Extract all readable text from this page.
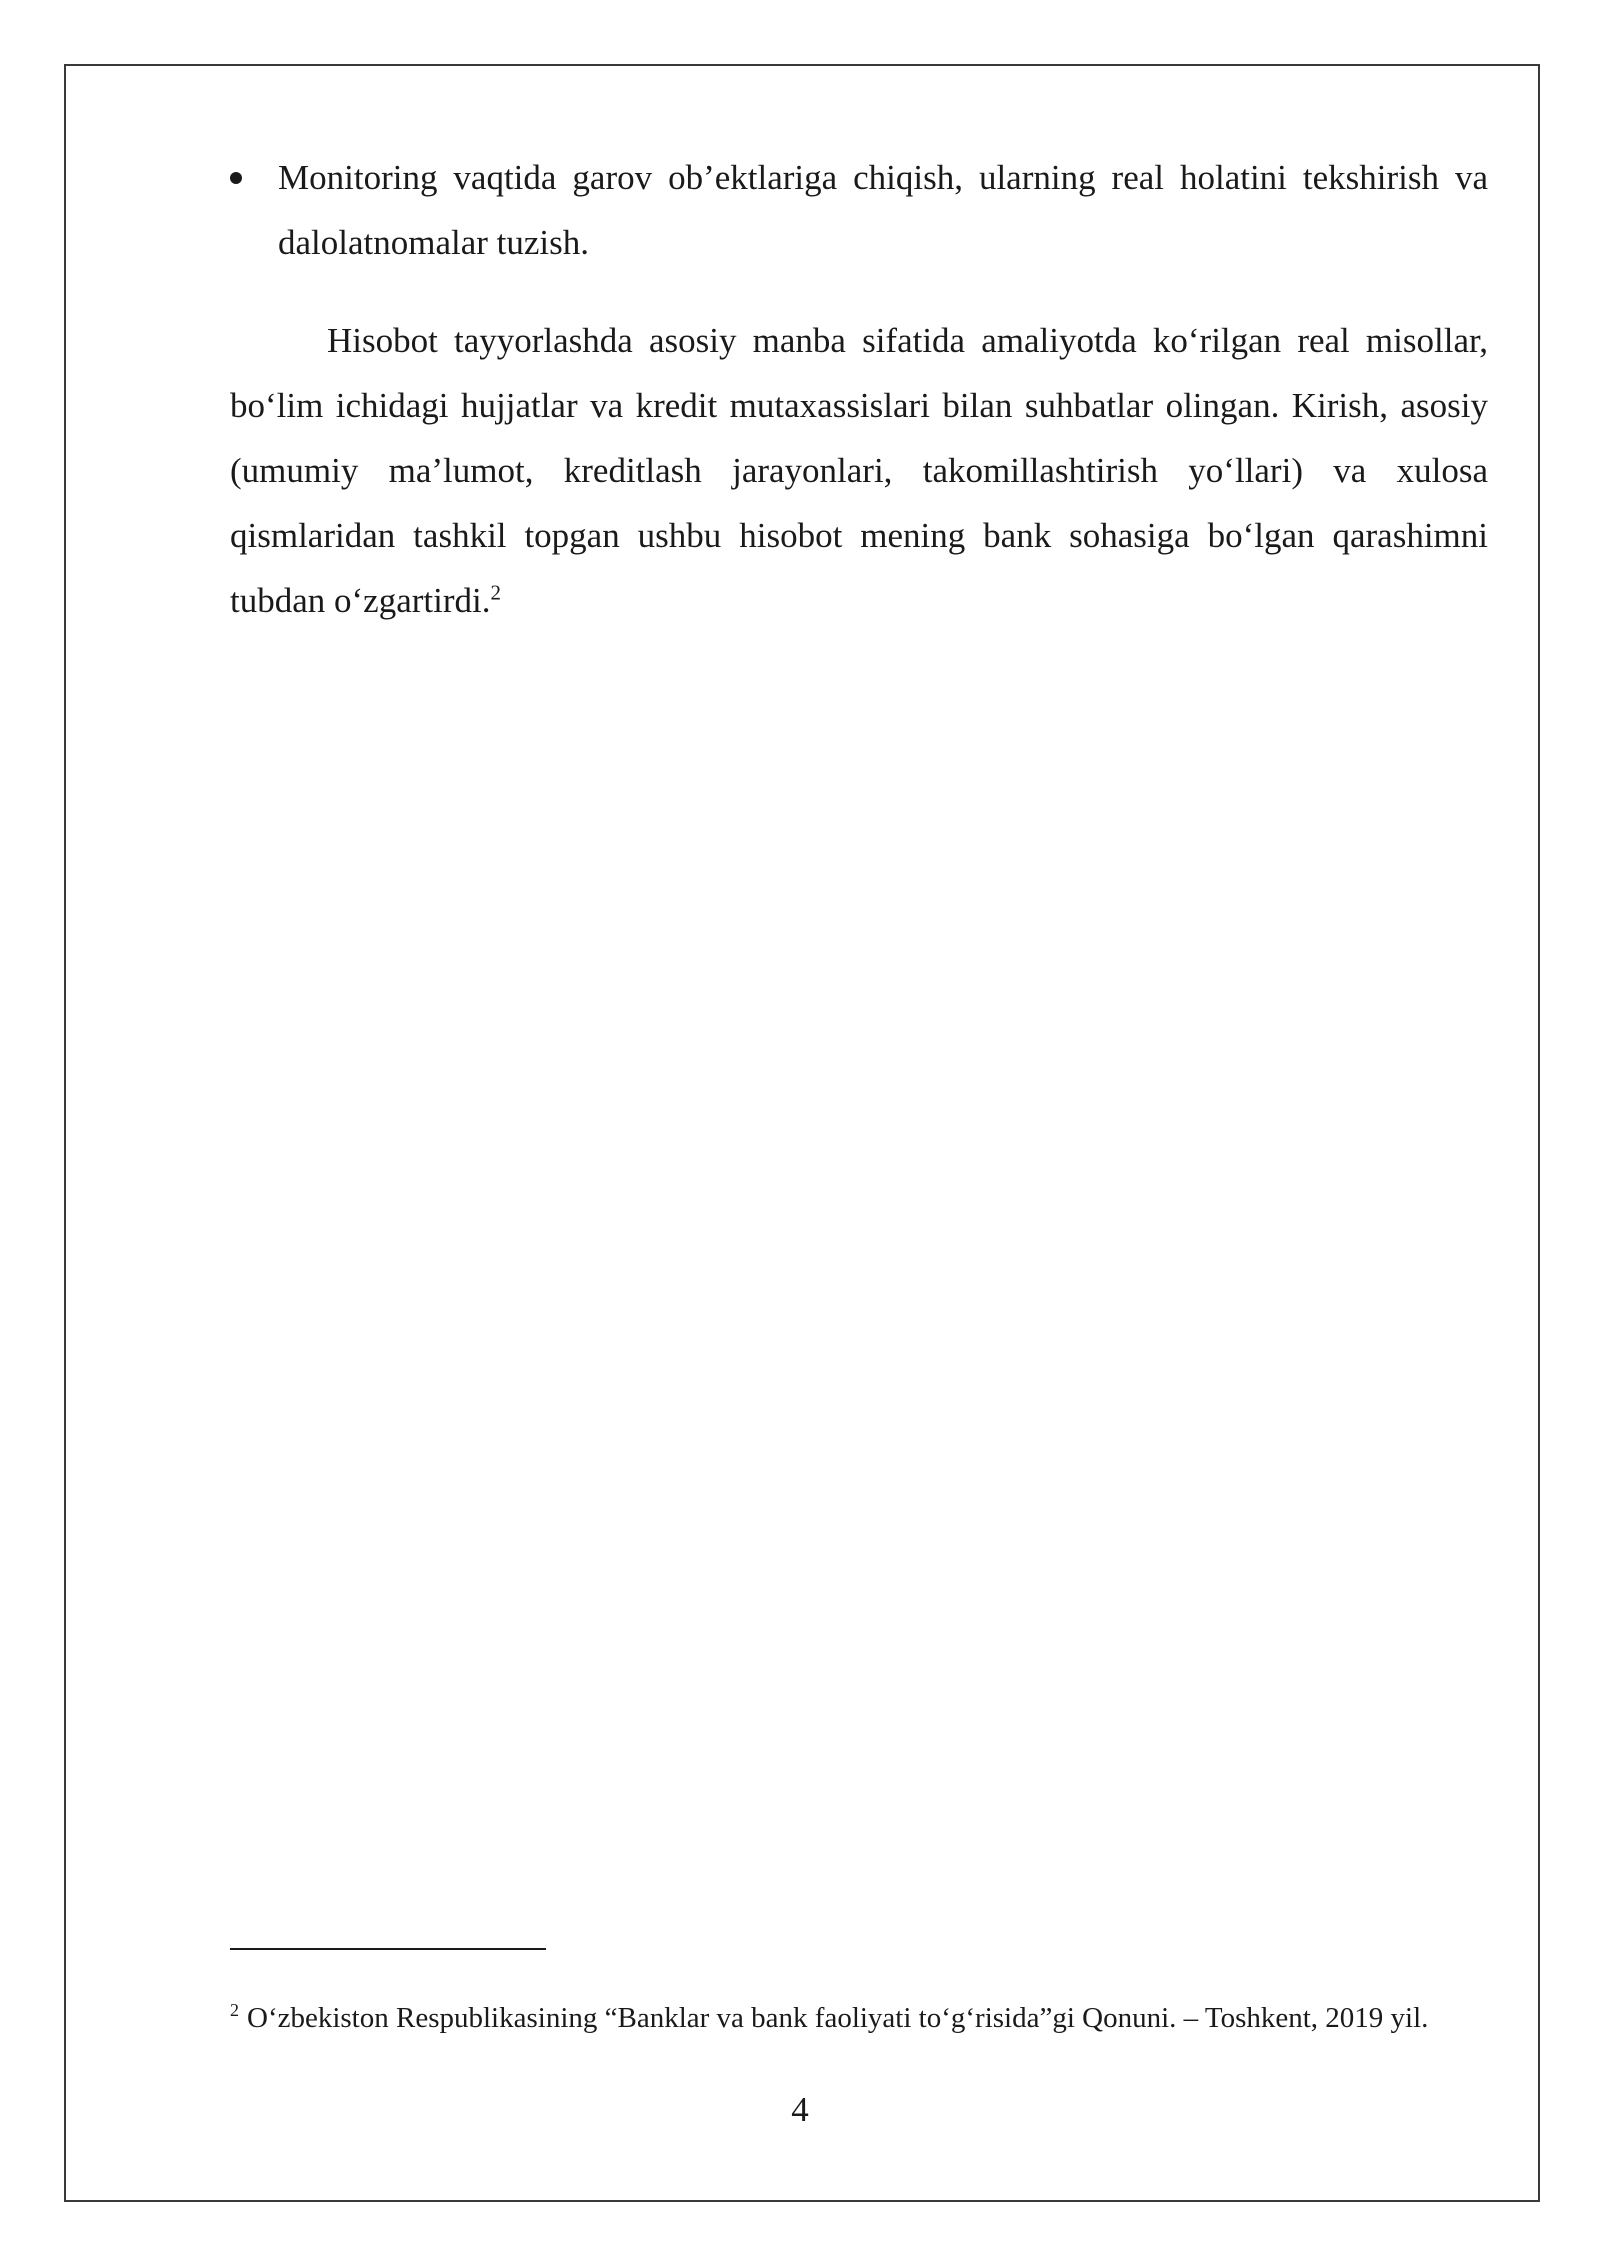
Monitoring vaqtida garov ob’ektlariga chiqish, ularning real holatini tekshirish va dalolatnomalar tuzish.

Hisobot tayyorlashda asosiy manba sifatida amaliyotda ko‘rilgan real misollar, bo‘lim ichidagi hujjatlar va kredit mutaxassislari bilan suhbatlar olingan. Kirish, asosiy (umumiy ma’lumot, kreditlash jarayonlari, takomillashtirish yo‘llari) va xulosa qismlaridan tashkil topgan ushbu hisobot mening bank sohasiga bo‘lgan qarashimni tubdan o‘zgartirdi.$^2$

$^2$ O‘zbekiston Respublikasining “Banklar va bank faoliyati to‘g‘risida”gi Qonuni. – Toshkent, 2019 yil.

4
